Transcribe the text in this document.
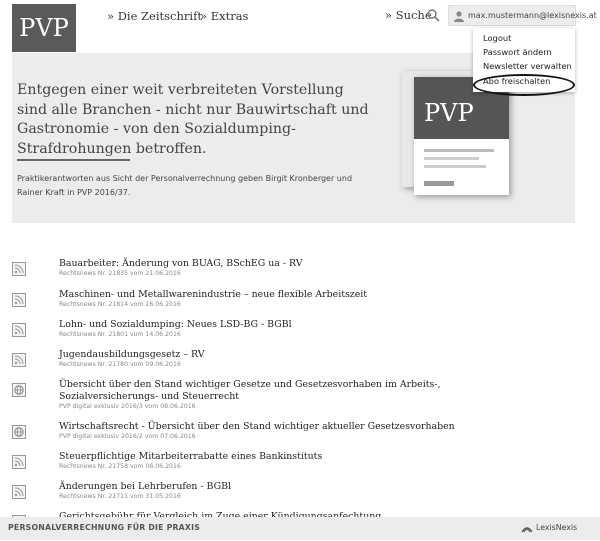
PVP	» Die Zeitschrift
» Extras	» Suche	max.mustermann@lexisnexis.at
Entgegen einer weit verbreiteten Vorstellung sind alle Branchen - nicht nur Bauwirtschaft und Gastronomie - von den Sozialdumping-Strafdrohungen betroffen.
Praktikerantworten aus Sicht der Personalverrechnung geben Birgit Kronberger und Rainer Kraft in PVP 2016/37.
PVP
Logout
Passwort ändern
Newsletter verwalten
Abo freischalten
Bauarbeiter: Änderung von BUAG, BSchEG ua - RV
Rechtsnews Nr. 21835 vom 21.06.2016
Maschinen- und Metallwarenindustrie – neue flexible Arbeitszeit
Rechtsnews Nr. 21814 vom 16.06.2016
Lohn- und Sozialdumping: Neues LSD-BG - BGBl
Rechtsnews Nr. 21801 vom 14.06.2016
Jugendausbildungsgesetz – RV
Rechtsnews Nr. 21780 vom 09.06.2016
Übersicht über den Stand wichtiger Gesetze und Gesetzesvorhaben im Arbeits-, Sozialversicherungs- und Steuerrecht
PVP digital exklusiv 2016/3 vom 08.06.2016
Wirtschaftsrecht - Übersicht über den Stand wichtiger aktueller Gesetzesvorhaben
PVP digital exklusiv 2016/2 vom 07.06.2016
Steuerpflichtige Mitarbeiterrabatte eines Bankinstituts
Rechtsnews Nr. 21758 vom 06.06.2016
Änderungen bei Lehrberufen - BGBl
Rechtsnews Nr. 21711 vom 31.05.2016
PERSONALVERRECHNUNG FÜR DIE PRAXIS	LexisNexis
